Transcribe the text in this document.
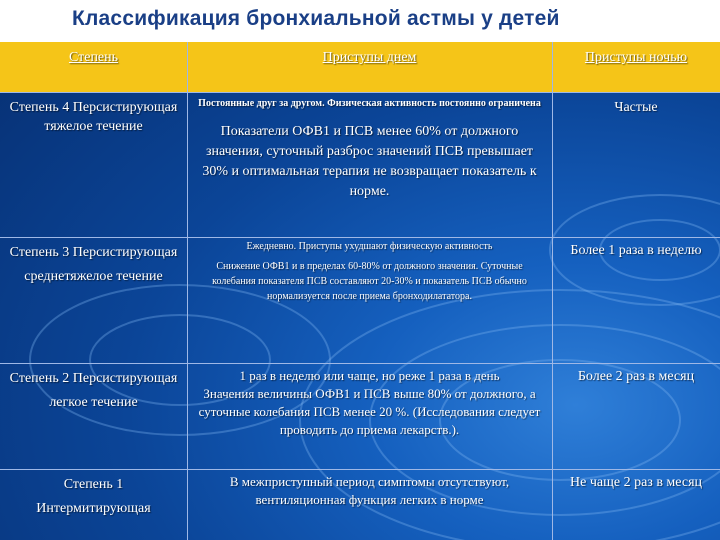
Классификация бронхиальной астмы у детей
Степень	Приступы днем	Приступы ночью
Степень 4 Персистирующая тяжелое течение
Постоянные друг за другом. Физическая активность постоянно ограничена
Показатели ОФВ1 и ПСВ менее 60% от должного значения, суточный разброс значений ПСВ превышает 30% и оптимальная терапия не возвращает показатель к норме.
Частые
Степень 3 Персистирующая среднетяжелое течение
Ежедневно. Приступы ухудшают физическую активность
Снижение ОФВ1 и в пределах 60-80% от должного значения. Суточные колебания показателя ПСВ составляют 20-30% и показатель ПСВ обычно нормализуется после приема бронходилататора.
Более 1 раза в неделю
Степень 2 Персистирующая легкое течение
1 раз в неделю или чаще, но реже 1 раза в день
Значения величины ОФВ1 и ПСВ выше 80% от должного, а суточные колебания ПСВ менее 20 %. (Исследования следует проводить до приема лекарств.).
Более 2 раз в месяц
Степень 1 Интермитирующая
В межприступный период симптомы отсутствуют, вентиляционная функция легких в норме
Не чаще 2 раз в месяц
